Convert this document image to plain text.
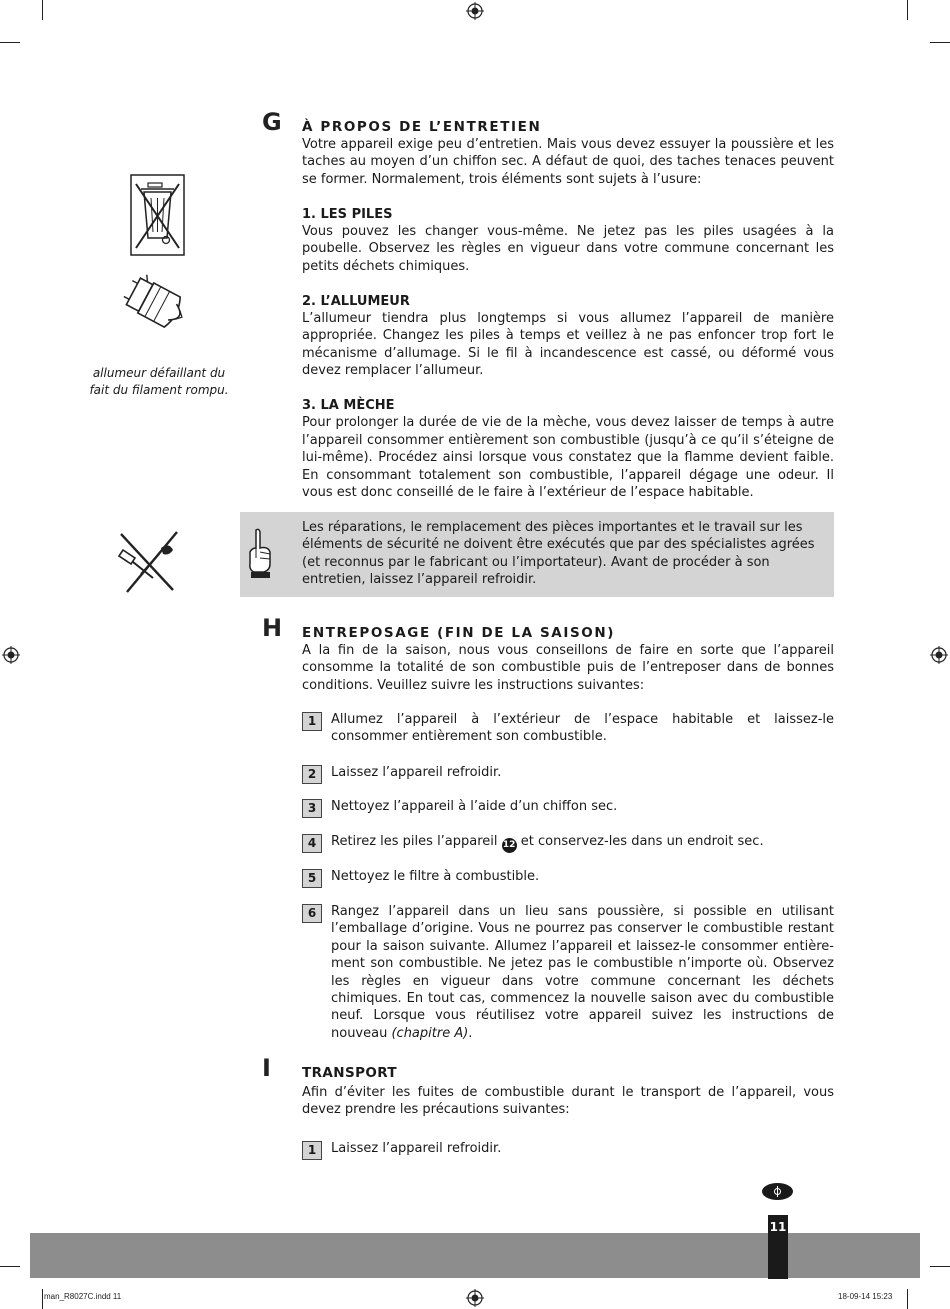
allumeur défaillant du fait du filament rompu.
G À PROPOS DE L’ENTRETIEN

Votre appareil exige peu d’entretien. Mais vous devez essuyer la poussière et les taches au moyen d’un chiffon sec. A défaut de quoi, des taches tenaces peuvent se former. Normalement, trois éléments sont sujets à l’usure:

1. LES PILES
Vous pouvez les changer vous-même. Ne jetez pas les piles usagées à la poubelle. Observez les règles en vigueur dans votre commune concernant les petits déchets chimiques.

2. L’ALLUMEUR
L’allumeur tiendra plus longtemps si vous allumez l’appareil de manière appropriée. Changez les piles à temps et veillez à ne pas enfoncer trop fort le mécanisme d’allumage. Si le fil à incandescence est cassé, ou déformé vous devez remplacer l’allumeur.

3. LA MÈCHE
Pour prolonger la durée de vie de la mèche, vous devez laisser de temps à autre l’appareil consommer entièrement son combustible (jusqu’à ce qu’il s’éteigne de lui-même). Procédez ainsi lorsque vous constatez que la flamme devient faible. En consommant totalement son combustible, l’appareil dégage une odeur. Il vous est donc conseillé de le faire à l’extérieur de l’espace habitable.

Les réparations, le remplacement des pièces importantes et le travail sur les éléments de sécurité ne doivent être exécutés que par des spécialistes agrées (et reconnus par le fabricant ou l’importateur). Avant de procéder à son entretien, laissez l’appareil refroidir.
H ENTREPOSAGE (FIN DE LA SAISON)
A la fin de la saison, nous vous conseillons de faire en sorte que l’appareil consomme la totalité de son combustible puis de l’entreposer dans de bonnes conditions. Veuillez suivre les instructions suivantes:
1	Allumez l’appareil à l’extérieur de l’espace habitable et laissez-le consommer entièrement son combustible.
2	Laissez l’appareil refroidir.
3	Nettoyez l’appareil à l’aide d’un chiffon sec.
4	Retirez les piles l’appareil 12 et conservez-les dans un endroit sec.
5	Nettoyez le filtre à combustible.
6	Rangez l’appareil dans un lieu sans poussière, si possible en utilisant l’emballage d’origine. Vous ne pourrez pas conserver le combustible restant pour la saison suivante. Allumez l’appareil et laissez-le consommer entière-ment son combustible. Ne jetez pas le combustible n’importe où. Observez les règles en vigueur dans votre commune concernant les déchets chimiques. En tout cas, commencez la nouvelle saison avec du combustible neuf. Lorsque vous réutilisez votre appareil suivez les instructions de nouveau (chapitre A).
I TRANSPORT
Afin d’éviter les fuites de combustible durant le transport de l’appareil, vous devez prendre les précautions suivantes:
1	Laissez l’appareil refroidir.
11
man_R8027C.indd 11	18-09-14 15:23
